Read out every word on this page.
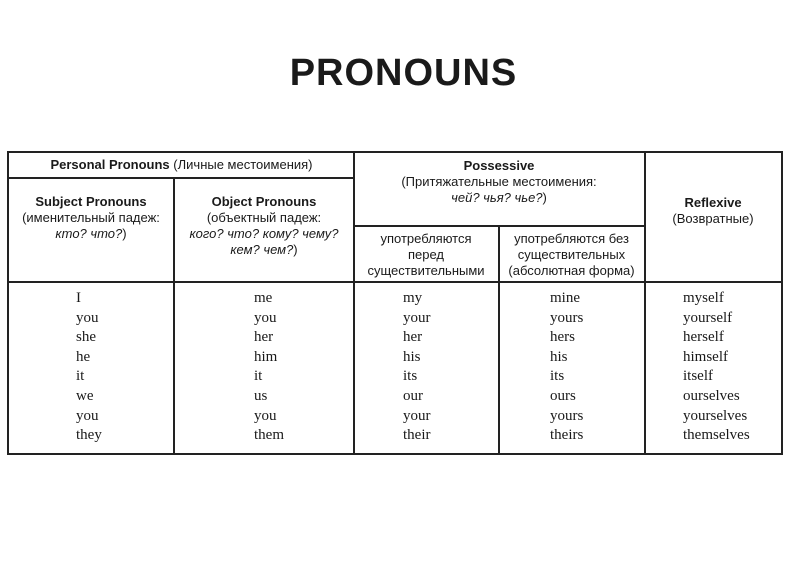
PRONOUNS
Personal Pronouns (Личные местоимения)
Subject Pronouns
(именительный падеж:
кто? что?)
Object Pronouns
(объектный падеж:
кого? что? кому? чему?
кем? чем?)
Possessive
(Притяжательные местоимения:
чей? чья? чье?)
употребляются
перед
существительными
употребляются без
существительных
(абсолютная форма)
Reflexive
(Возвратные)
I
you
she
he
it
we
you
they
me
you
her
him
it
us
you
them
my
your
her
his
its
our
your
their
mine
yours
hers
his
its
ours
yours
theirs
myself
yourself
herself
himself
itself
ourselves
yourselves
themselves
